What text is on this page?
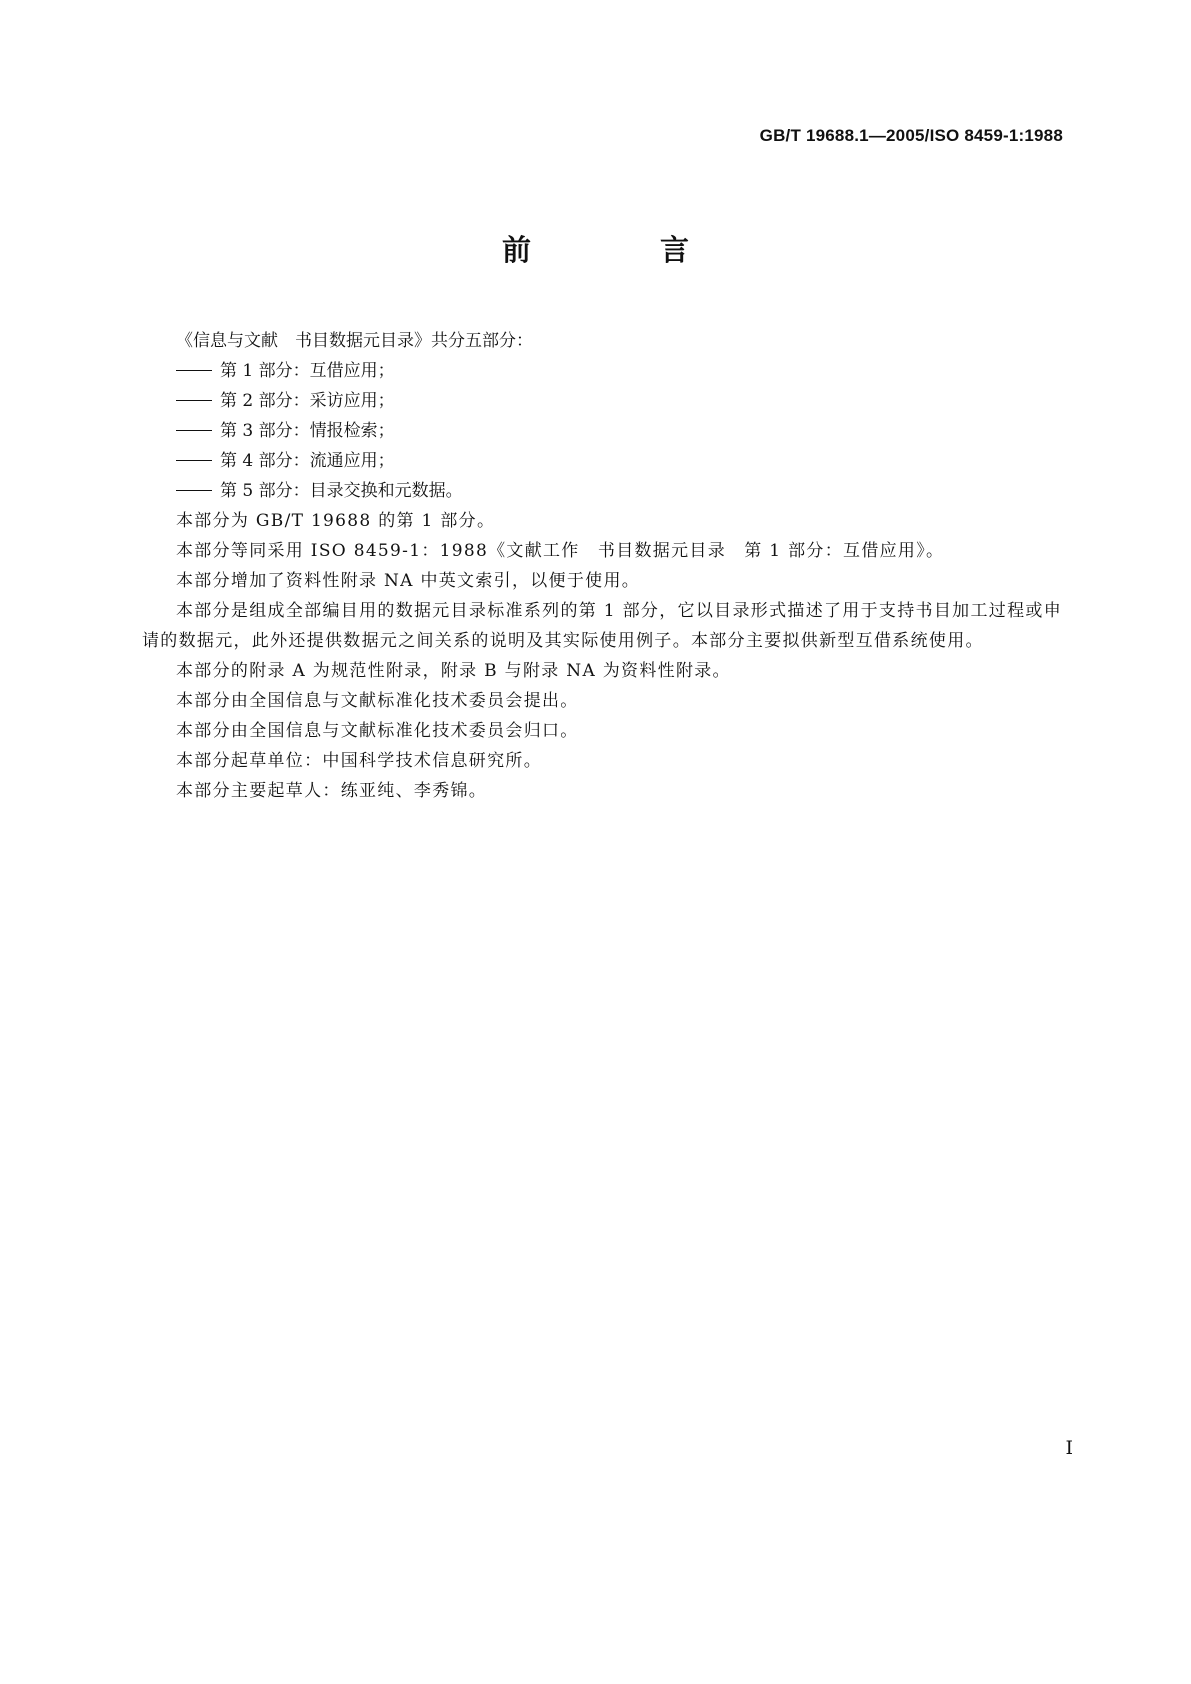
GB/T 19688.1—2005/ISO 8459-1:1988
前　言
《信息与文献　书目数据元目录》共分五部分：
第 1 部分：互借应用；
第 2 部分：采访应用；
第 3 部分：情报检索；
第 4 部分：流通应用；
第 5 部分：目录交换和元数据。
本部分为 GB/T 19688 的第 1 部分。
本部分等同采用 ISO 8459-1：1988《文献工作　书目数据元目录　第 1 部分：互借应用》。
本部分增加了资料性附录 NA 中英文索引，以便于使用。
本部分是组成全部编目用的数据元目录标准系列的第 1 部分，它以目录形式描述了用于支持书目加工过程或申请的数据元，此外还提供数据元之间关系的说明及其实际使用例子。本部分主要拟供新型互借系统使用。
本部分的附录 A 为规范性附录，附录 B 与附录 NA 为资料性附录。
本部分由全国信息与文献标准化技术委员会提出。
本部分由全国信息与文献标准化技术委员会归口。
本部分起草单位：中国科学技术信息研究所。
本部分主要起草人：练亚纯、李秀锦。
I
